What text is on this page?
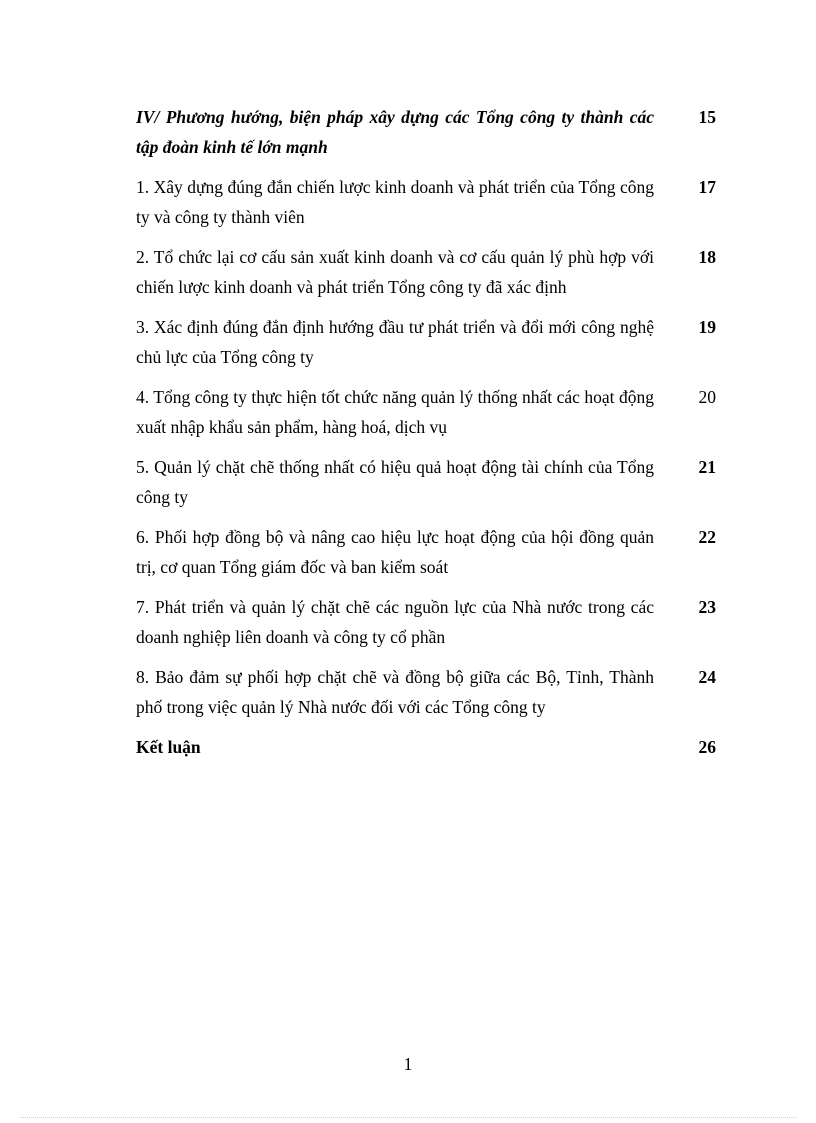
IV/ Phương hướng, biện pháp xây dựng các Tổng công ty thành các tập đoàn kinh tế lớn mạnh
15
1. Xây dựng đúng đắn chiến lược kinh doanh và phát triển của Tổng công ty và công ty thành viên
17
2. Tổ chức lại cơ cấu sản xuất kinh doanh và cơ cấu quản lý phù hợp với chiến lược kinh doanh và phát triển Tổng công ty đã xác định
18
3. Xác định đúng đắn định hướng đầu tư phát triển và đổi mới công nghệ chủ lực của Tổng công ty
19
4. Tổng công ty thực hiện tốt chức năng quản lý thống nhất các hoạt động xuất nhập khẩu sản phẩm, hàng hoá, dịch vụ
20
5. Quản lý chặt chẽ thống nhất có hiệu quả hoạt động tài chính của Tổng công ty
21
6. Phối hợp đồng bộ và nâng cao hiệu lực hoạt động của hội đồng quản trị, cơ quan Tổng giám đốc và ban kiểm soát
22
7. Phát triển và quản lý chặt chẽ các nguồn lực của Nhà nước trong các doanh nghiệp liên doanh và công ty cổ phần
23
8. Bảo đảm sự phối hợp chặt chẽ và đồng bộ giữa các Bộ, Tỉnh, Thành phố trong việc quản lý Nhà nước đối với các Tổng công ty
24
Kết luận	26
1
